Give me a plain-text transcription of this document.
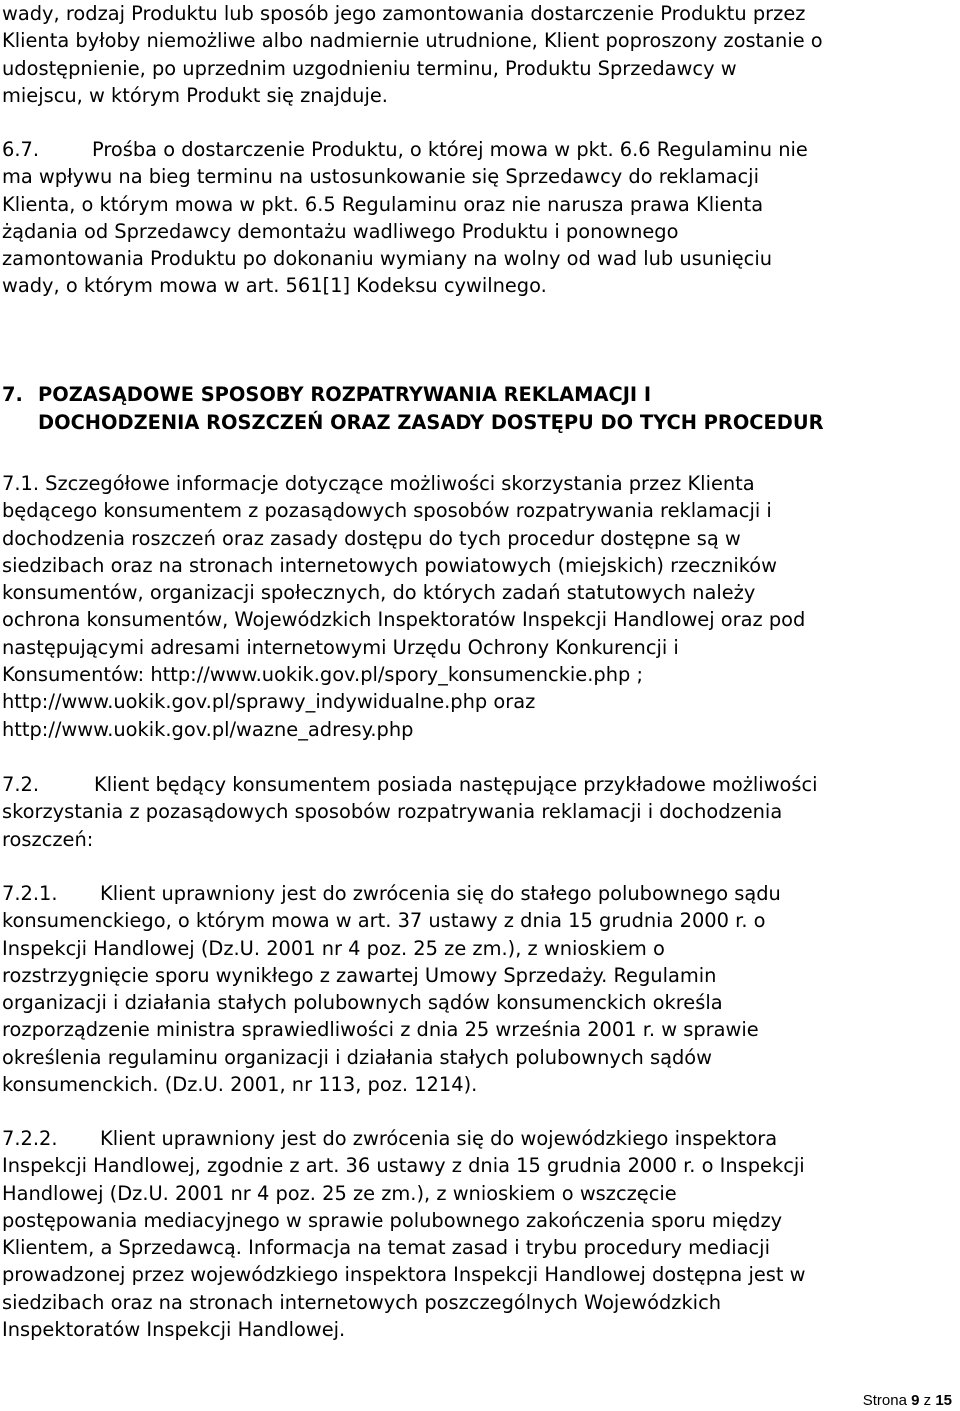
wady, rodzaj Produktu lub sposób jego zamontowania dostarczenie Produktu przez
Klienta byłoby niemożliwe albo nadmiernie utrudnione, Klient poproszony zostanie o
udostępnienie, po uprzednim uzgodnieniu terminu, Produktu Sprzedawcy w
miejscu, w którym Produkt się znajduje.
6.7.	Prośba o dostarczenie Produktu, o której mowa w pkt. 6.6 Regulaminu nie
ma wpływu na bieg terminu na ustosunkowanie się Sprzedawcy do reklamacji
Klienta, o którym mowa w pkt. 6.5 Regulaminu oraz nie narusza prawa Klienta
żądania od Sprzedawcy demontażu wadliwego Produktu i ponownego
zamontowania Produktu po dokonaniu wymiany na wolny od wad lub usunięciu
wady, o którym mowa w art. 561[1] Kodeksu cywilnego.
7. POZASĄDOWE SPOSOBY ROZPATRYWANIA REKLAMACJI I
DOCHODZENIA ROSZCZEŃ ORAZ ZASADY DOSTĘPU DO TYCH PROCEDUR
7.1. Szczegółowe informacje dotyczące możliwości skorzystania przez Klienta
będącego konsumentem z pozasądowych sposobów rozpatrywania reklamacji i
dochodzenia roszczeń oraz zasady dostępu do tych procedur dostępne są w
siedzibach oraz na stronach internetowych powiatowych (miejskich) rzeczników
konsumentów, organizacji społecznych, do których zadań statutowych należy
ochrona konsumentów, Wojewódzkich Inspektoratów Inspekcji Handlowej oraz pod
następującymi adresami internetowymi Urzędu Ochrony Konkurencji i
Konsumentów: http://www.uokik.gov.pl/spory_konsumenckie.php ;
http://www.uokik.gov.pl/sprawy_indywidualne.php oraz
http://www.uokik.gov.pl/wazne_adresy.php
7.2.	Klient będący konsumentem posiada następujące przykładowe możliwości
skorzystania z pozasądowych sposobów rozpatrywania reklamacji i dochodzenia
roszczeń:
7.2.1. Klient uprawniony jest do zwrócenia się do stałego polubownego sądu
konsumenckiego, o którym mowa w art. 37 ustawy z dnia 15 grudnia 2000 r. o
Inspekcji Handlowej (Dz.U. 2001 nr 4 poz. 25 ze zm.), z wnioskiem o
rozstrzygnięcie sporu wynikłego z zawartej Umowy Sprzedaży. Regulamin
organizacji i działania stałych polubownych sądów konsumenckich określa
rozporządzenie ministra sprawiedliwości z dnia 25 września 2001 r. w sprawie
określenia regulaminu organizacji i działania stałych polubownych sądów
konsumenckich. (Dz.U. 2001, nr 113, poz. 1214).
7.2.2. Klient uprawniony jest do zwrócenia się do wojewódzkiego inspektora
Inspekcji Handlowej, zgodnie z art. 36 ustawy z dnia 15 grudnia 2000 r. o Inspekcji
Handlowej (Dz.U. 2001 nr 4 poz. 25 ze zm.), z wnioskiem o wszczęcie
postępowania mediacyjnego w sprawie polubownego zakończenia sporu między
Klientem, a Sprzedawcą. Informacja na temat zasad i trybu procedury mediacji
prowadzonej przez wojewódzkiego inspektora Inspekcji Handlowej dostępna jest w
siedzibach oraz na stronach internetowych poszczególnych Wojewódzkich
Inspektoratów Inspekcji Handlowej.
Strona 9 z 15
